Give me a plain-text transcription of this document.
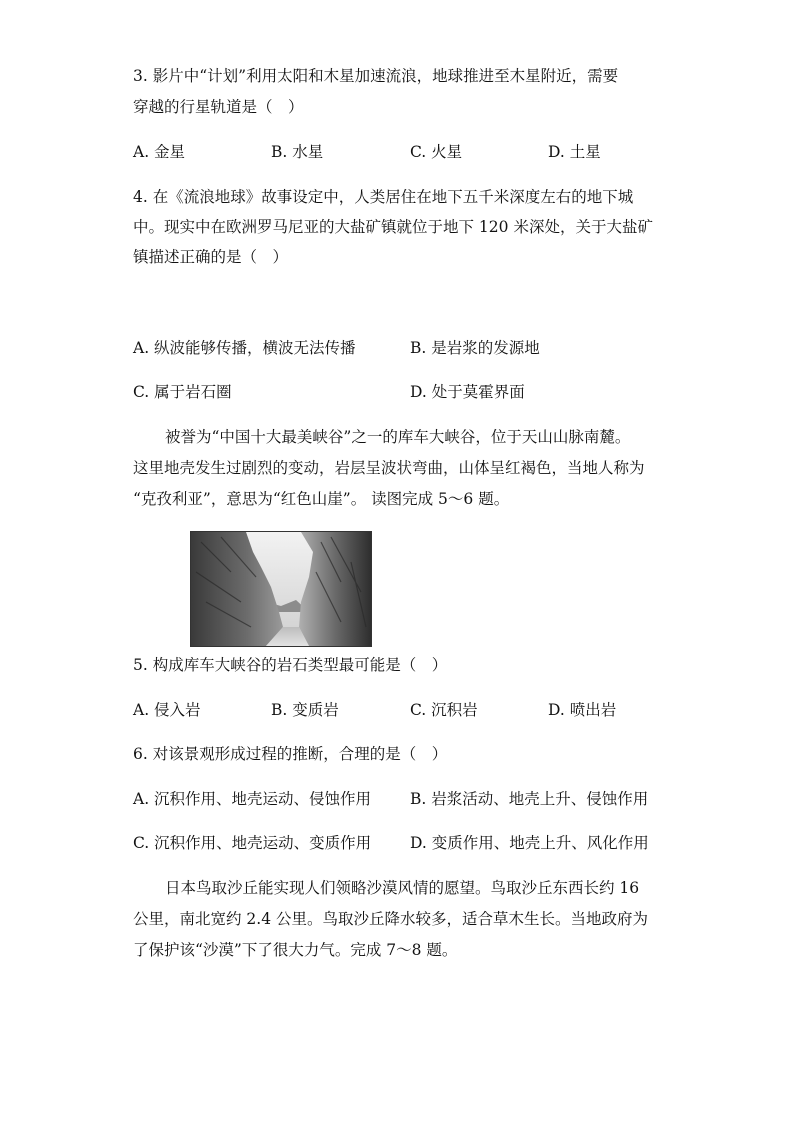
3. 影片中“计划”利用太阳和木星加速流浪，地球推进至木星附近，需要
穿越的行星轨道是（　）
A. 金星	B. 水星	C. 火星	D. 土星
4. 在《流浪地球》故事设定中，人类居住在地下五千米深度左右的地下城
中。现实中在欧洲罗马尼亚的大盐矿镇就位于地下 120 米深处，关于大盐矿
镇描述正确的是（　）
A. 纵波能够传播，横波无法传播	B. 是岩浆的发源地
C. 属于岩石圈	D. 处于莫霍界面
被誉为“中国十大最美峡谷”之一的库车大峡谷，位于天山山脉南麓。
这里地壳发生过剧烈的变动，岩层呈波状弯曲，山体呈红褐色，当地人称为
“克孜利亚”，意思为“红色山崖”。 读图完成 5～6 题。
5. 构成库车大峡谷的岩石类型最可能是（　）
A. 侵入岩	B. 变质岩	C. 沉积岩	D. 喷出岩
6. 对该景观形成过程的推断，合理的是（　）
A. 沉积作用、地壳运动、侵蚀作用	B. 岩浆活动、地壳上升、侵蚀作用
C. 沉积作用、地壳运动、变质作用	D. 变质作用、地壳上升、风化作用
日本鸟取沙丘能实现人们领略沙漠风情的愿望。鸟取沙丘东西长约 16
公里，南北宽约 2.4 公里。鸟取沙丘降水较多，适合草木生长。当地政府为
了保护该“沙漠”下了很大力气。完成 7～8 题。
